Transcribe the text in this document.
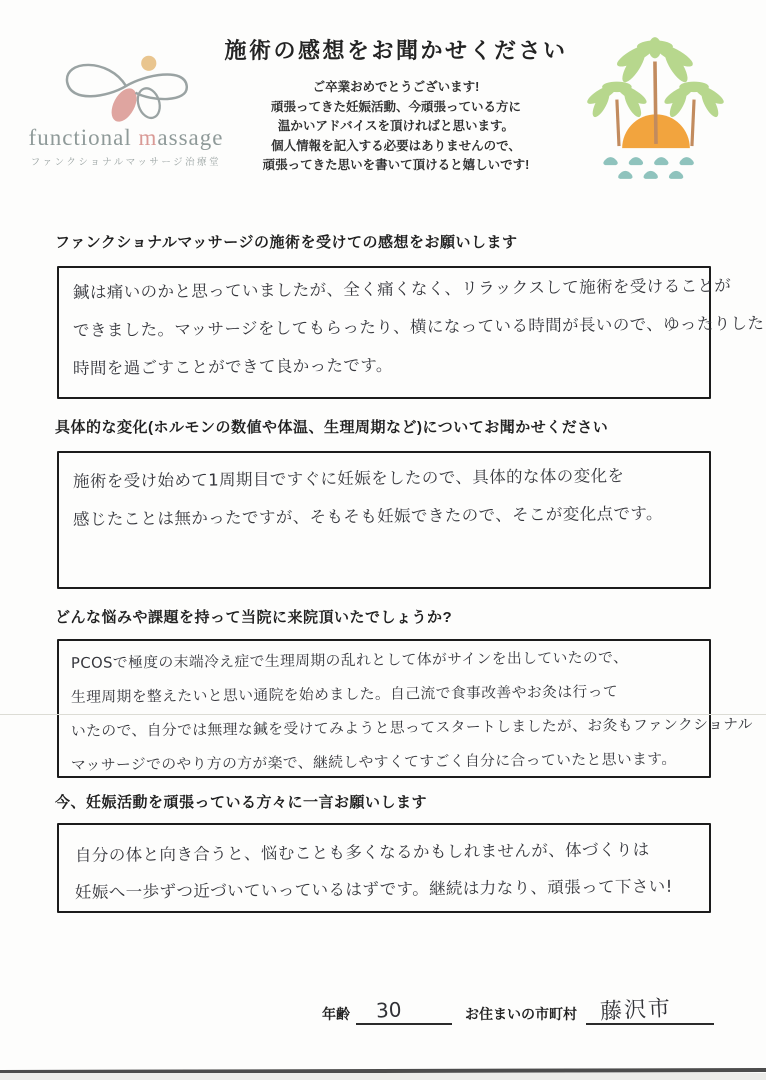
functional massage
ファンクショナルマッサージ治療堂
施術の感想をお聞かせください
ご卒業おめでとうございます!
頑張ってきた妊娠活動、今頑張っている方に
温かいアドバイスを頂ければと思います。
個人情報を記入する必要はありませんので、
頑張ってきた思いを書いて頂けると嬉しいです!
ファンクショナルマッサージの施術を受けての感想をお願いします
鍼は痛いのかと思っていましたが、全く痛くなく、リラックスして施術を受けることが
できました。マッサージをしてもらったり、横になっている時間が長いので、ゆったりした
時間を過ごすことができて良かったです。
具体的な変化(ホルモンの数値や体温、生理周期など)についてお聞かせください
施術を受け始めて1周期目ですぐに妊娠をしたので、具体的な体の変化を
感じたことは無かったですが、そもそも妊娠できたので、そこが変化点です。
どんな悩みや課題を持って当院に来院頂いたでしょうか?
PCOSで極度の末端冷え症で生理周期の乱れとして体がサインを出していたので、
生理周期を整えたいと思い通院を始めました。自己流で食事改善やお灸は行って
いたので、自分では無理な鍼を受けてみようと思ってスタートしましたが、お灸もファンクショナル
マッサージでのやり方の方が楽で、継続しやすくてすごく自分に合っていたと思います。
今、妊娠活動を頑張っている方々に一言お願いします
自分の体と向き合うと、悩むことも多くなるかもしれませんが、体づくりは
妊娠へ一歩ずつ近づいていっているはずです。継続は力なり、頑張って下さい!
年齢 30	お住まいの市町村 藤沢市
